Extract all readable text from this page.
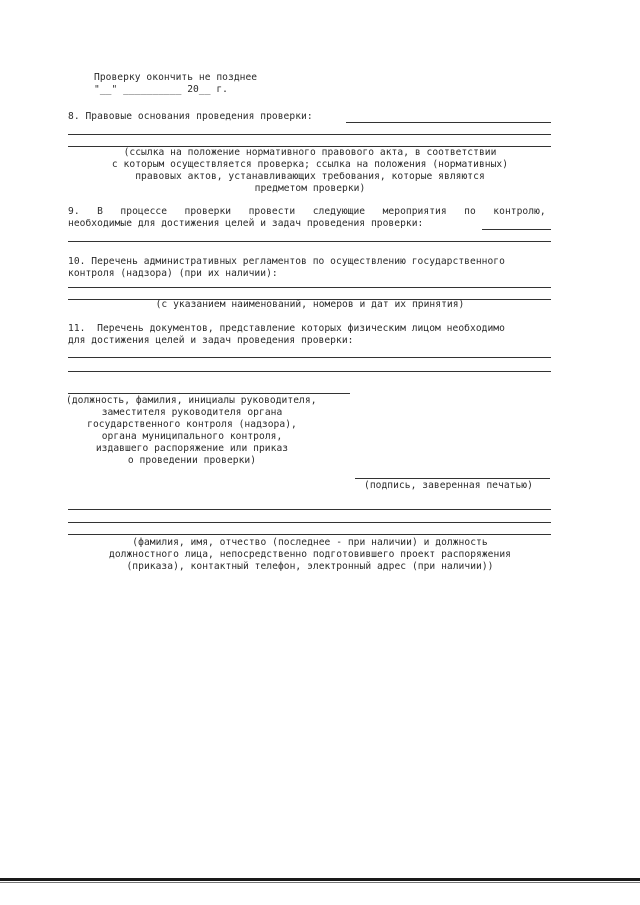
Проверку окончить не позднее
"__" __________ 20__ г.
8. Правовые основания проведения проверки:
(ссылка на положение нормативного правового акта, в соответствии
с которым осуществляется проверка; ссылка на положения (нормативных)
правовых актов, устанавливающих требования, которые являются
предметом проверки)
9.   В   процессе   проверки   провести   следующие   мероприятия   по   контролю,
необходимые для достижения целей и задач проведения проверки:
10. Перечень административных регламентов по осуществлению государственного
контроля (надзора) (при их наличии):
(с указанием наименований, номеров и дат их принятия)
11.  Перечень документов, представление которых физическим лицом необходимо
для достижения целей и задач проведения проверки:
(должность, фамилия, инициалы руководителя,
заместителя руководителя органа
государственного контроля (надзора),
органа муниципального контроля,
издавшего распоряжение или приказ
о проведении проверки)
(подпись, заверенная печатью)
(фамилия, имя, отчество (последнее - при наличии) и должность
должностного лица, непосредственно подготовившего проект распоряжения
(приказа), контактный телефон, электронный адрес (при наличии))
